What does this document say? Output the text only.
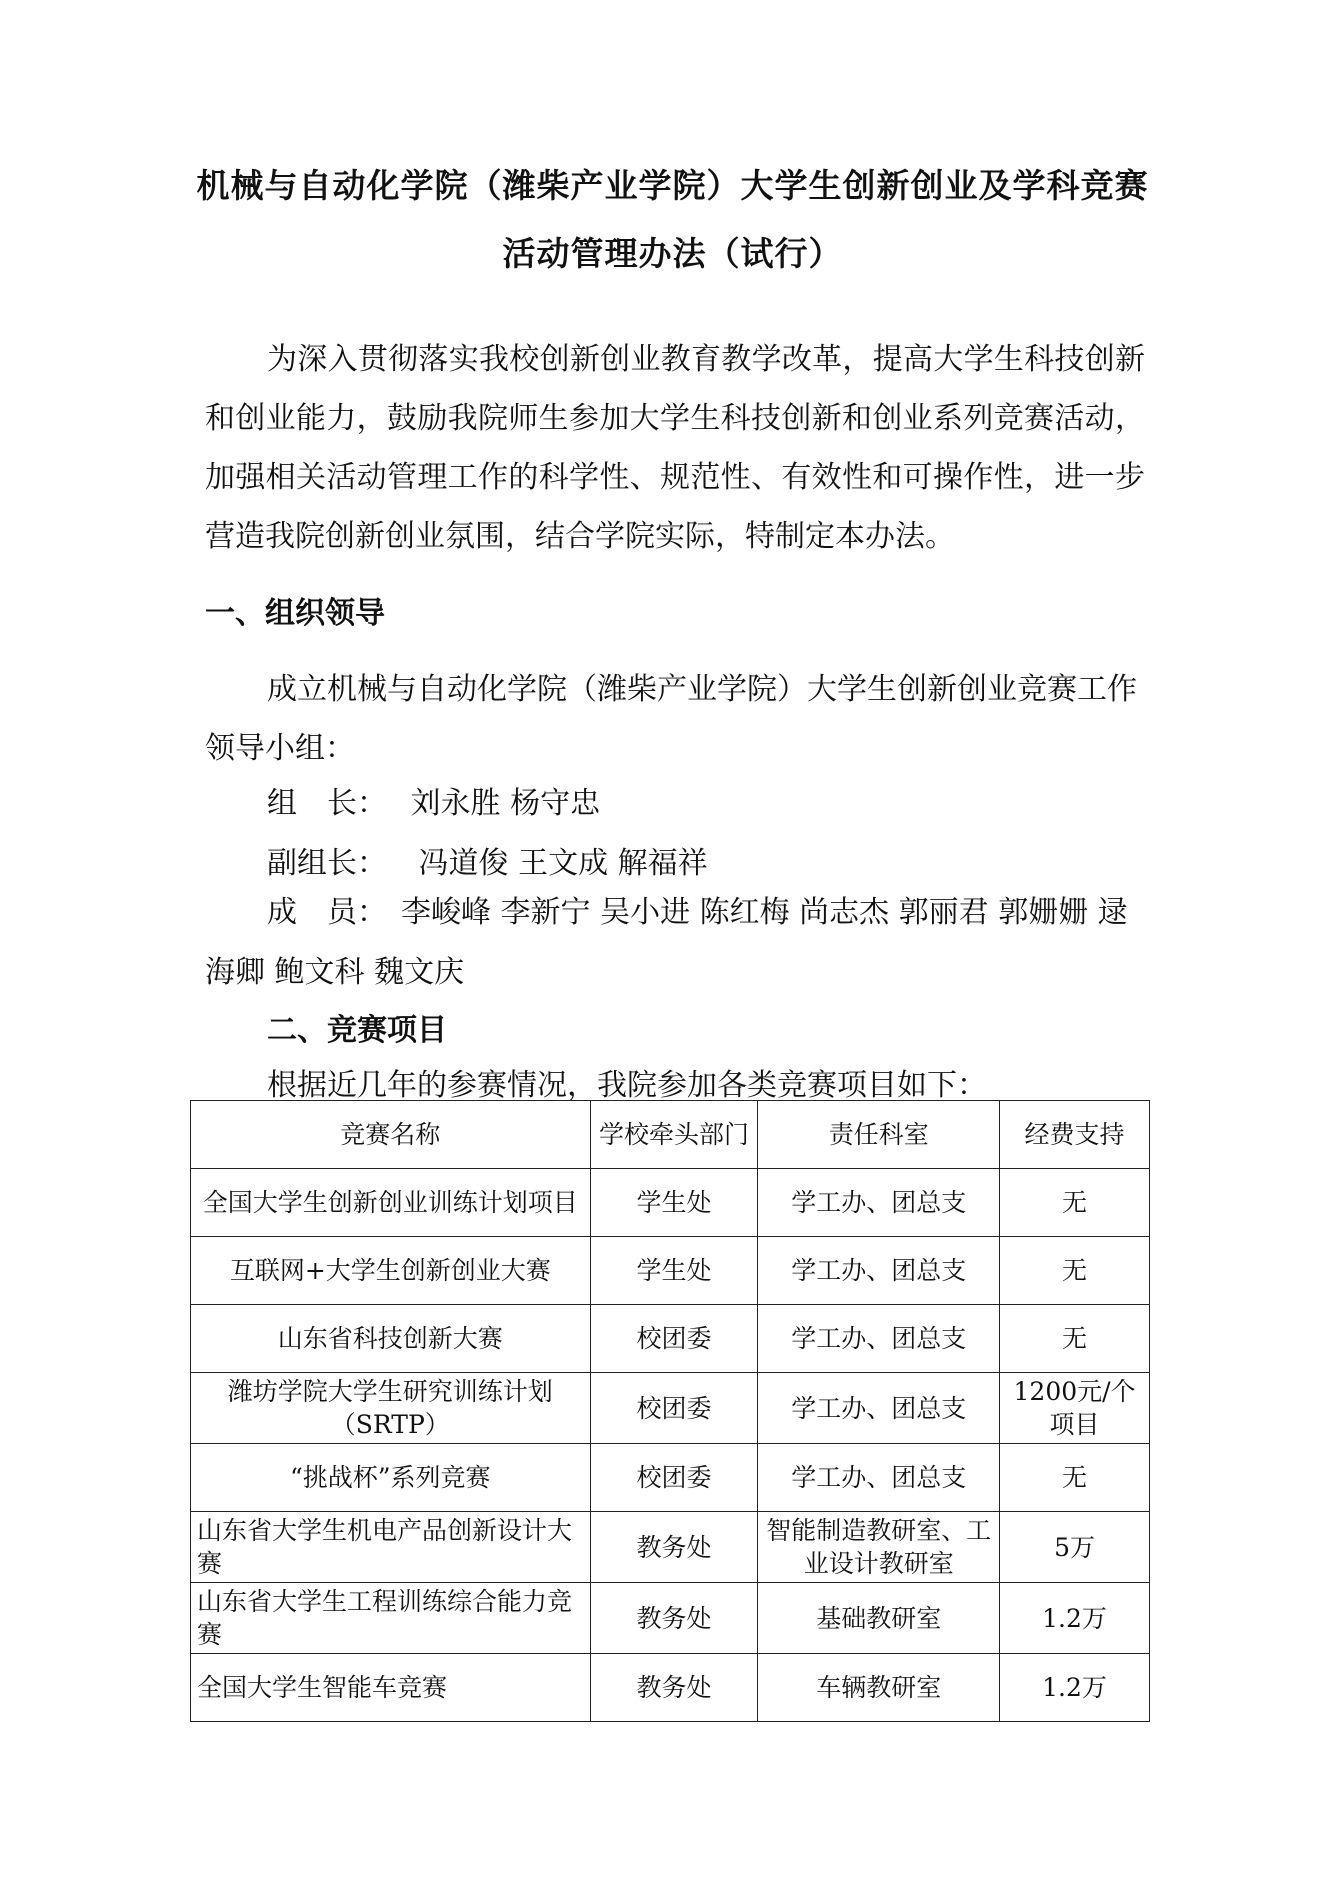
机械与自动化学院（潍柴产业学院）大学生创新创业及学科竞赛
活动管理办法（试行）
为深入贯彻落实我校创新创业教育教学改革，提高大学生科技创新和创业能力，鼓励我院师生参加大学生科技创新和创业系列竞赛活动，加强相关活动管理工作的科学性、规范性、有效性和可操作性，进一步营造我院创新创业氛围，结合学院实际，特制定本办法。
一、组织领导
成立机械与自动化学院（潍柴产业学院）大学生创新创业竞赛工作领导小组：
组　长： 刘永胜 杨守忠
副组长： 冯道俊 王文成 解福祥
成　员： 李峻峰 李新宁 吴小进 陈红梅 尚志杰 郭丽君 郭姗姗 逯海卿 鲍文科 魏文庆
二、竞赛项目
根据近几年的参赛情况，我院参加各类竞赛项目如下：
竞赛名称	学校牵头部门	责任科室	经费支持
全国大学生创新创业训练计划项目	学生处	学工办、团总支	无
互联网+大学生创新创业大赛	学生处	学工办、团总支	无
山东省科技创新大赛	校团委	学工办、团总支	无
潍坊学院大学生研究训练计划（SRTP）	校团委	学工办、团总支	1200元/个项目
“挑战杯”系列竞赛	校团委	学工办、团总支	无
山东省大学生机电产品创新设计大赛	教务处	智能制造教研室、工业设计教研室	5万
山东省大学生工程训练综合能力竞赛	教务处	基础教研室	1.2万
全国大学生智能车竞赛	教务处	车辆教研室	1.2万
